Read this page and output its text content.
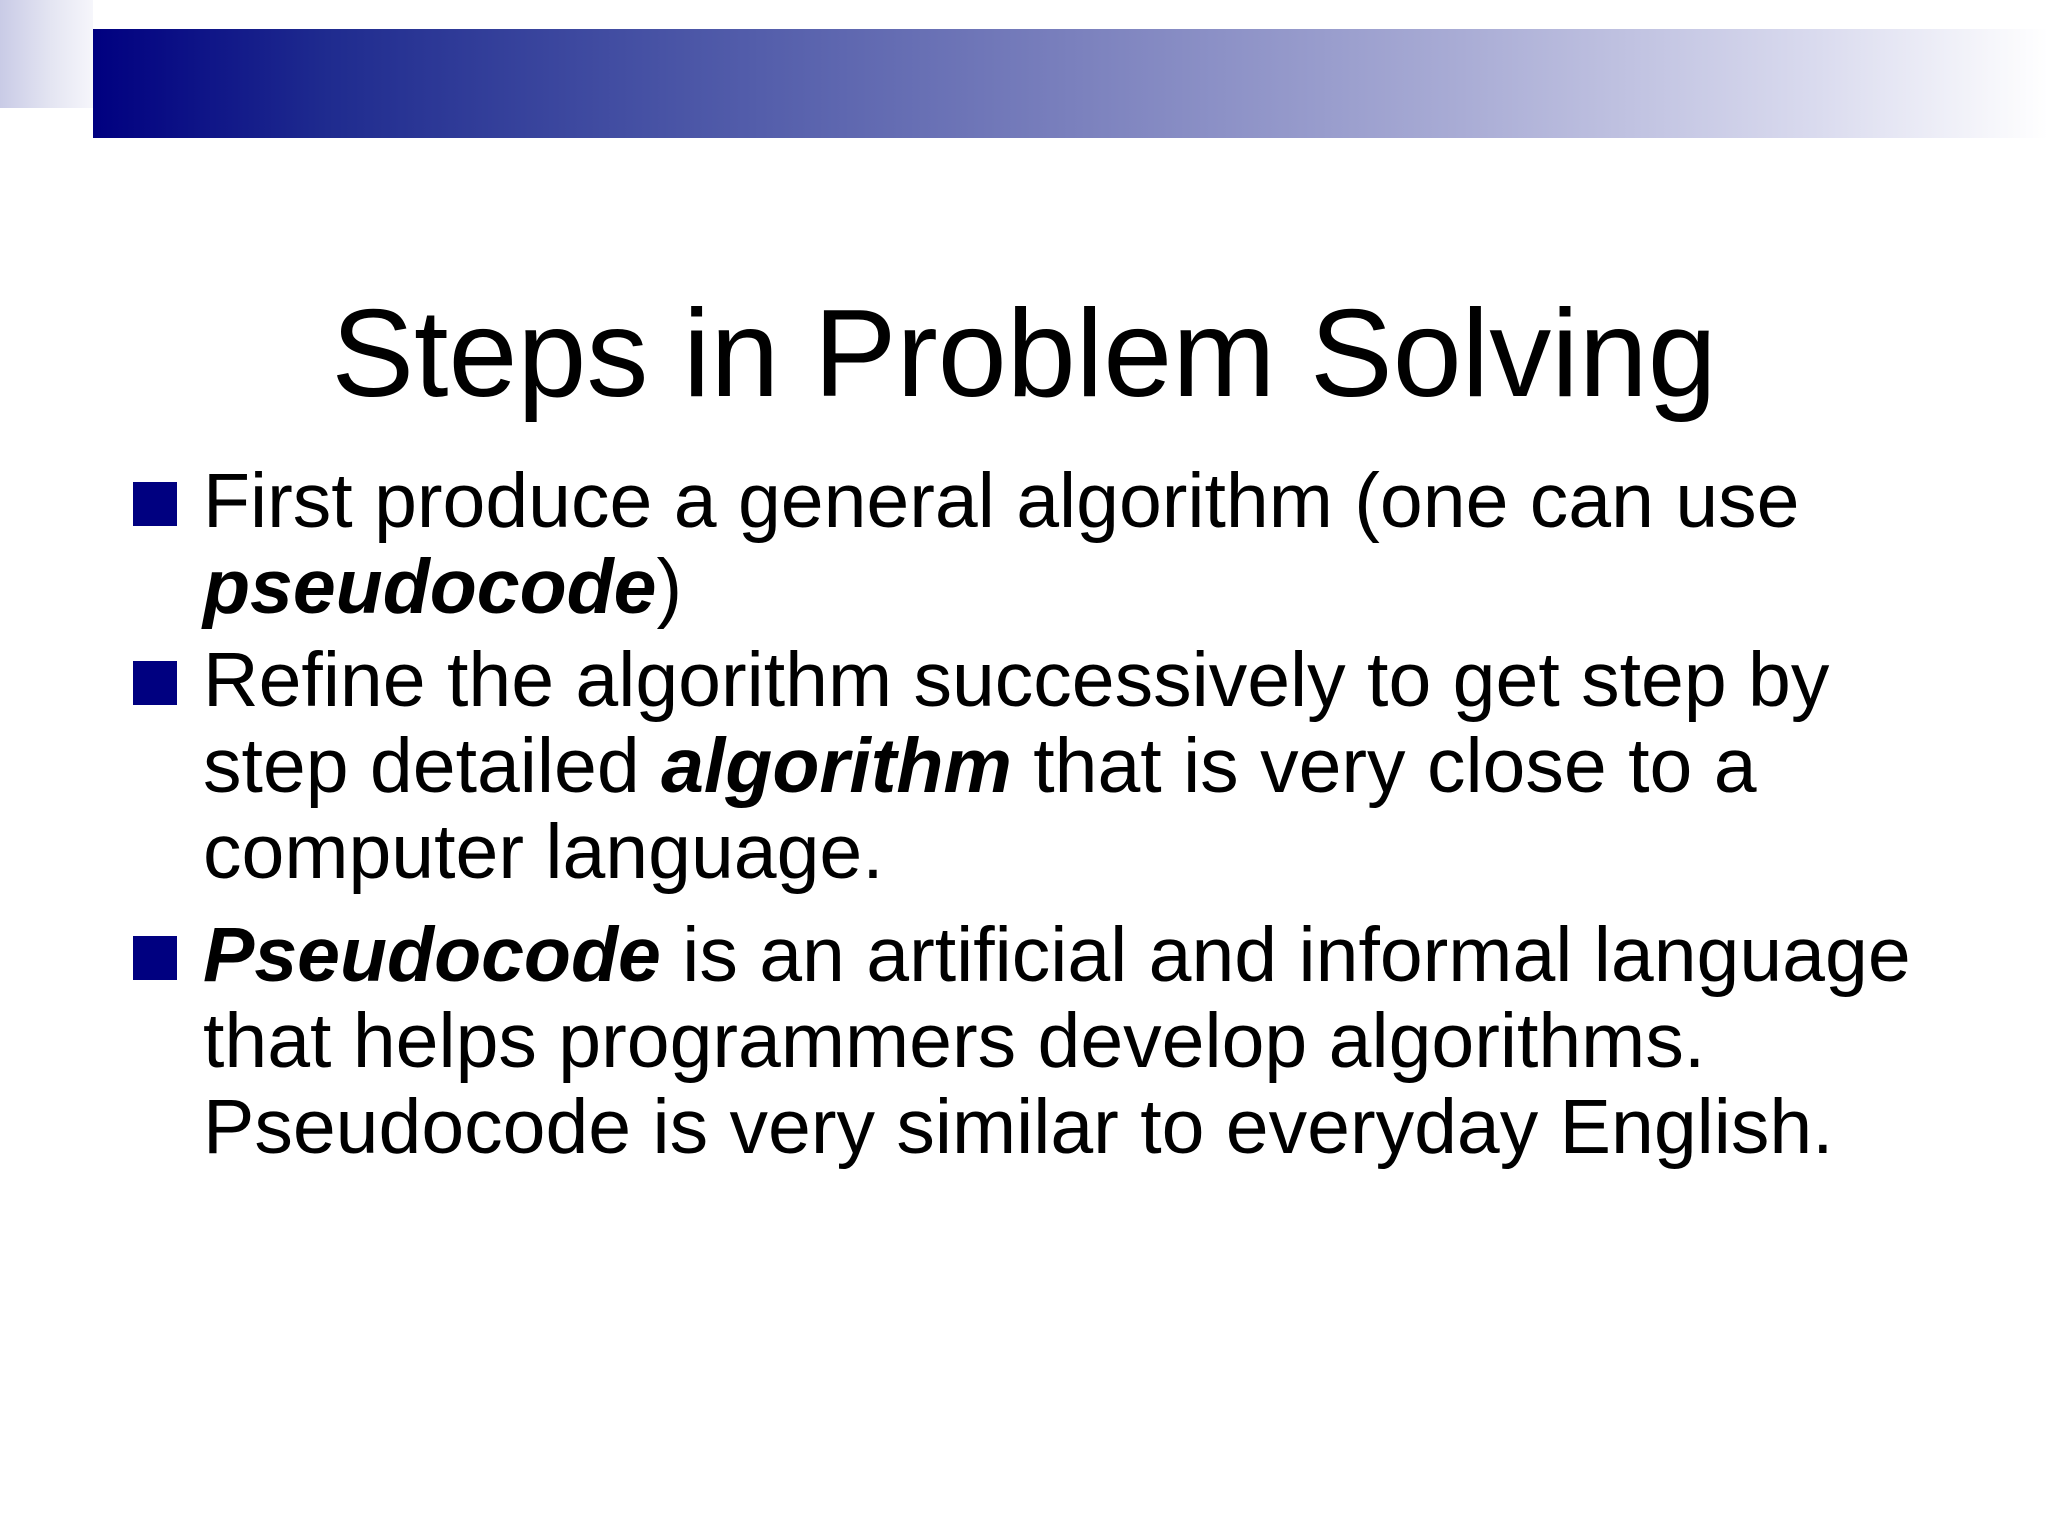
Steps in Problem Solving
First produce a general algorithm (one can use pseudocode)
Refine the algorithm successively to get step by step detailed algorithm that is very close to a computer language.
Pseudocode is an artificial and informal language that helps programmers develop algorithms. Pseudocode is very similar to everyday English.
